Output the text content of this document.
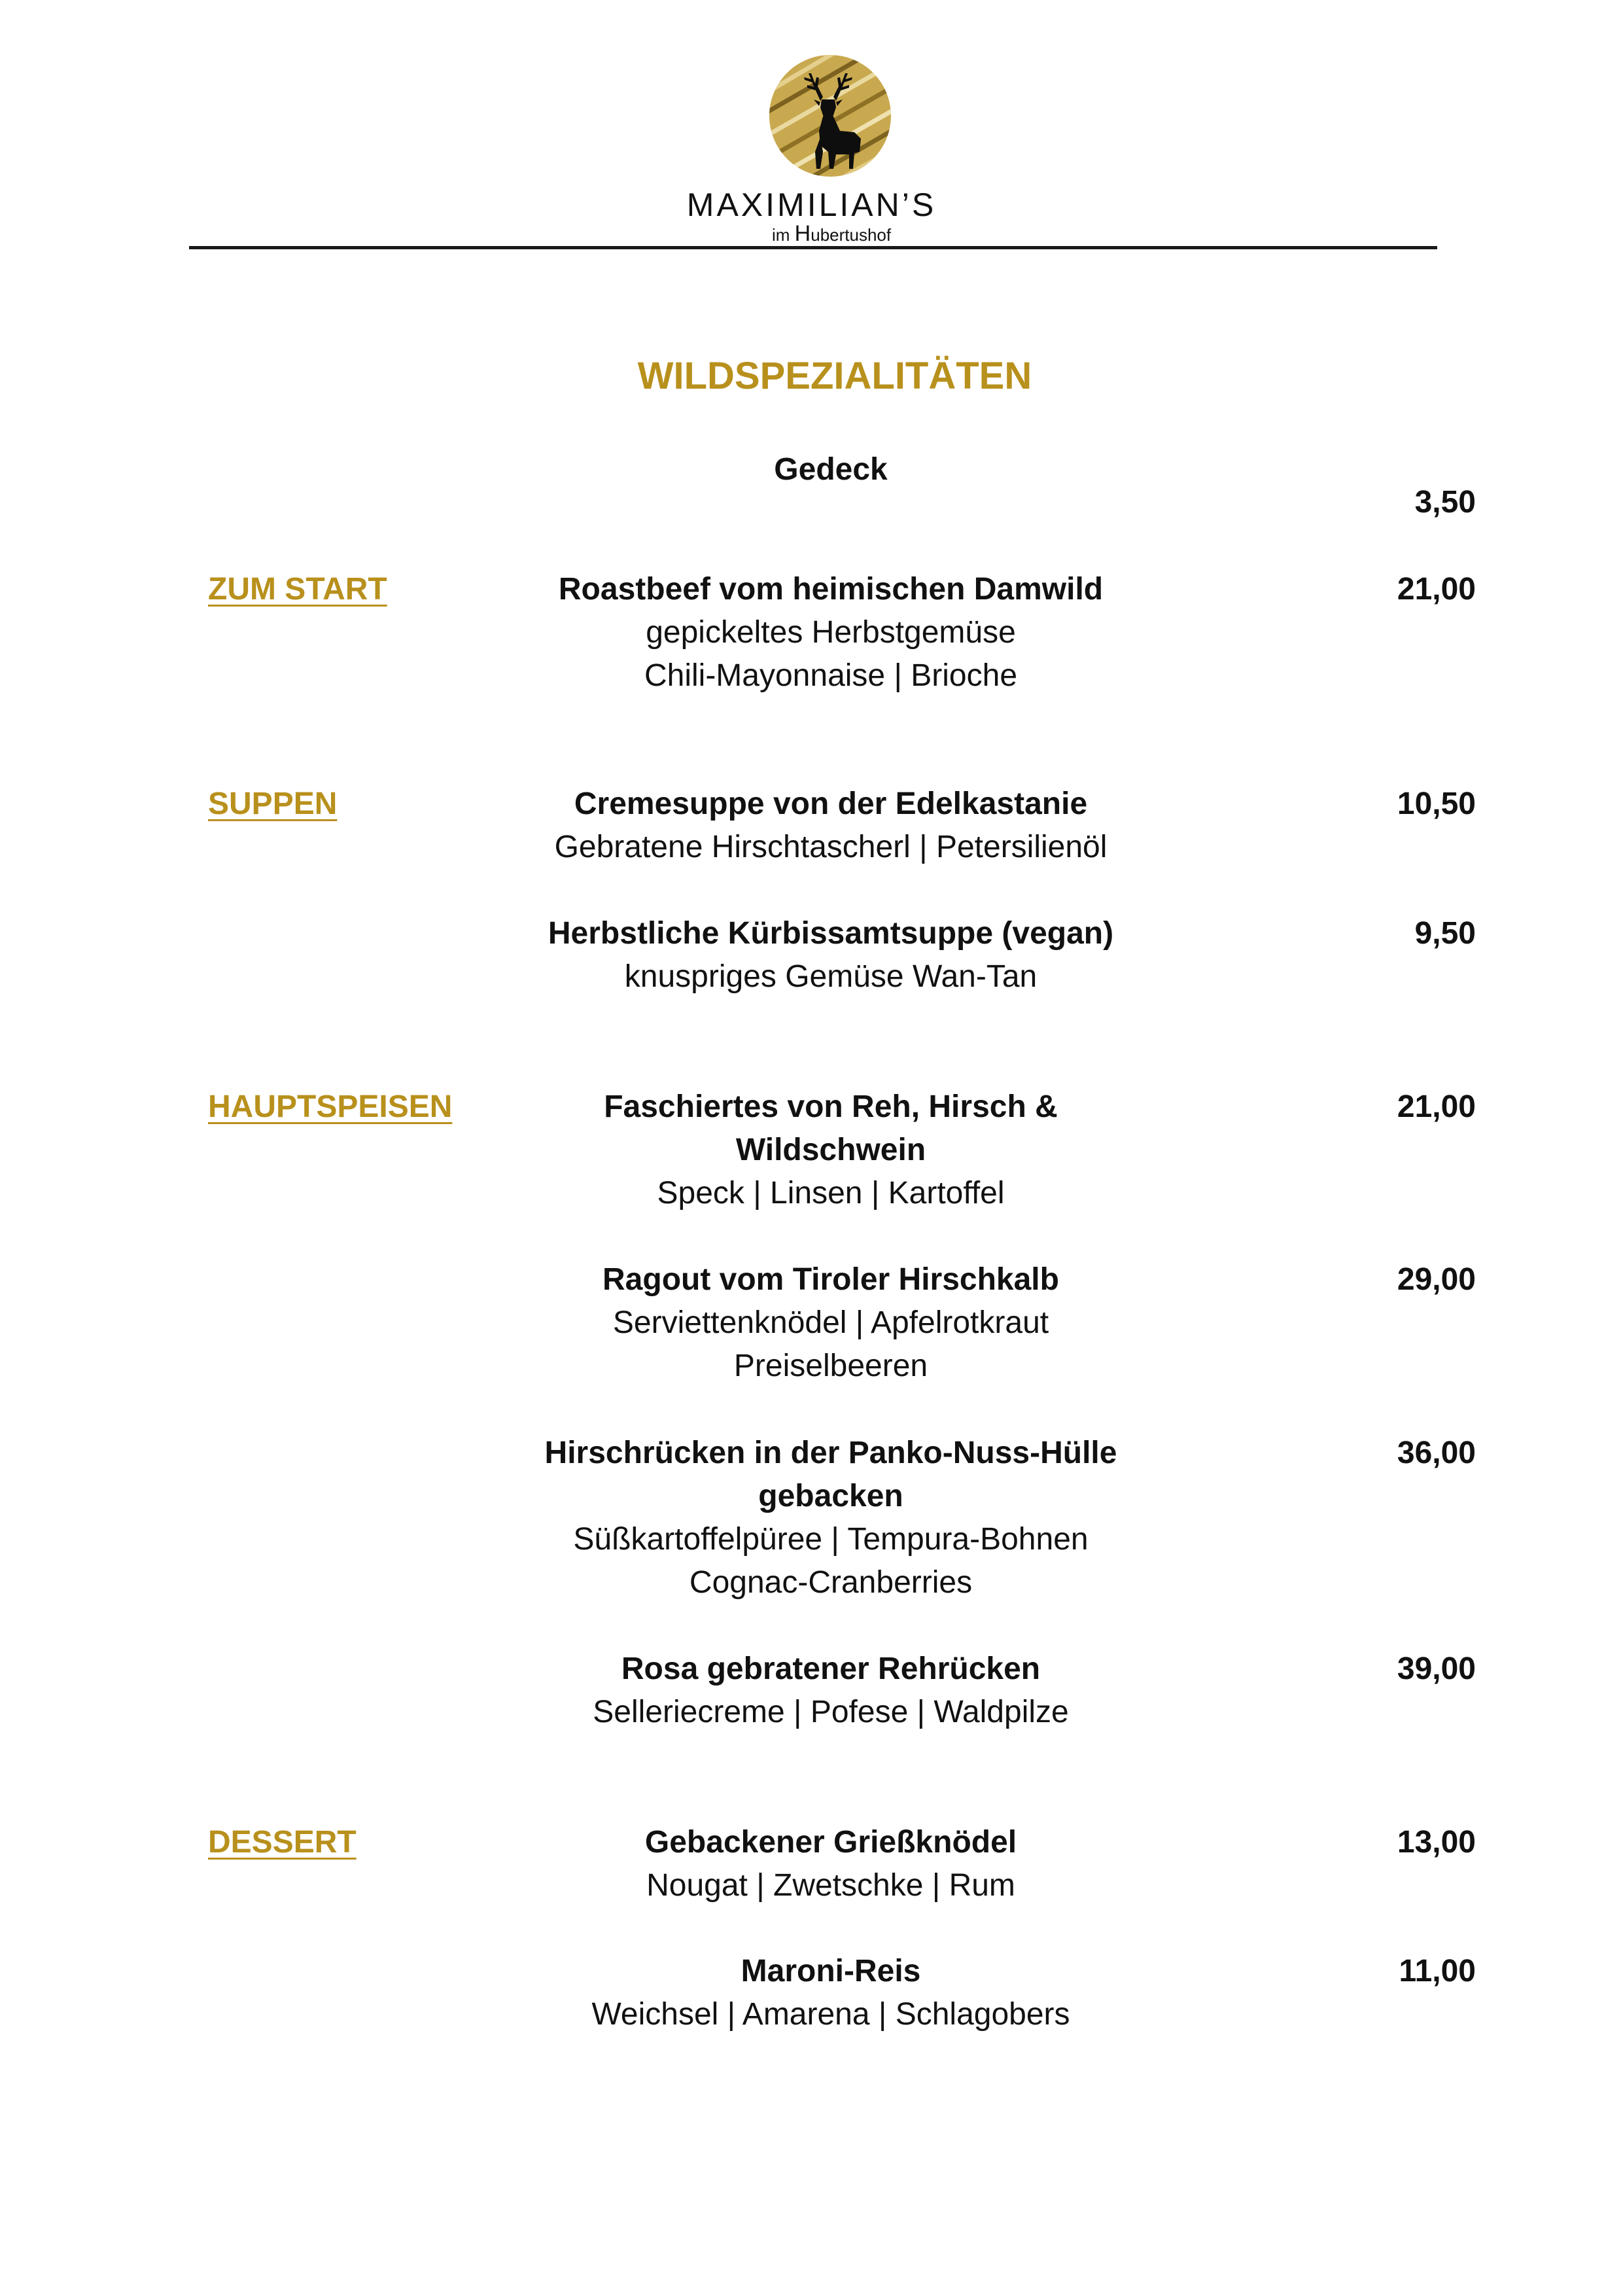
MAXIMILIAN’S
im Hubertushof
WILDSPEZIALITÄTEN
Gedeck
3,50
ZUM START	Roastbeef vom heimischen Damwild
gepickeltes Herbstgemüse
Chili-Mayonnaise | Brioche
21,00
SUPPEN	Cremesuppe von der Edelkastanie
Gebratene Hirschtascherl | Petersilienöl
10,50
Herbstliche Kürbissamtsuppe (vegan)
knuspriges Gemüse Wan-Tan
9,50
HAUPTSPEISEN	Faschiertes von Reh, Hirsch &
Wildschwein
Speck | Linsen | Kartoffel
21,00
Ragout vom Tiroler Hirschkalb
Serviettenknödel | Apfelrotkraut
Preiselbeeren
29,00
Hirschrücken in der Panko-Nuss-Hülle
gebacken
Süßkartoffelpüree | Tempura-Bohnen
Cognac-Cranberries
36,00
Rosa gebratener Rehrücken
Selleriecreme | Pofese | Waldpilze
39,00
DESSERT	Gebackener Grießknödel
Nougat | Zwetschke | Rum
13,00
Maroni-Reis
Weichsel | Amarena | Schlagobers
11,00
